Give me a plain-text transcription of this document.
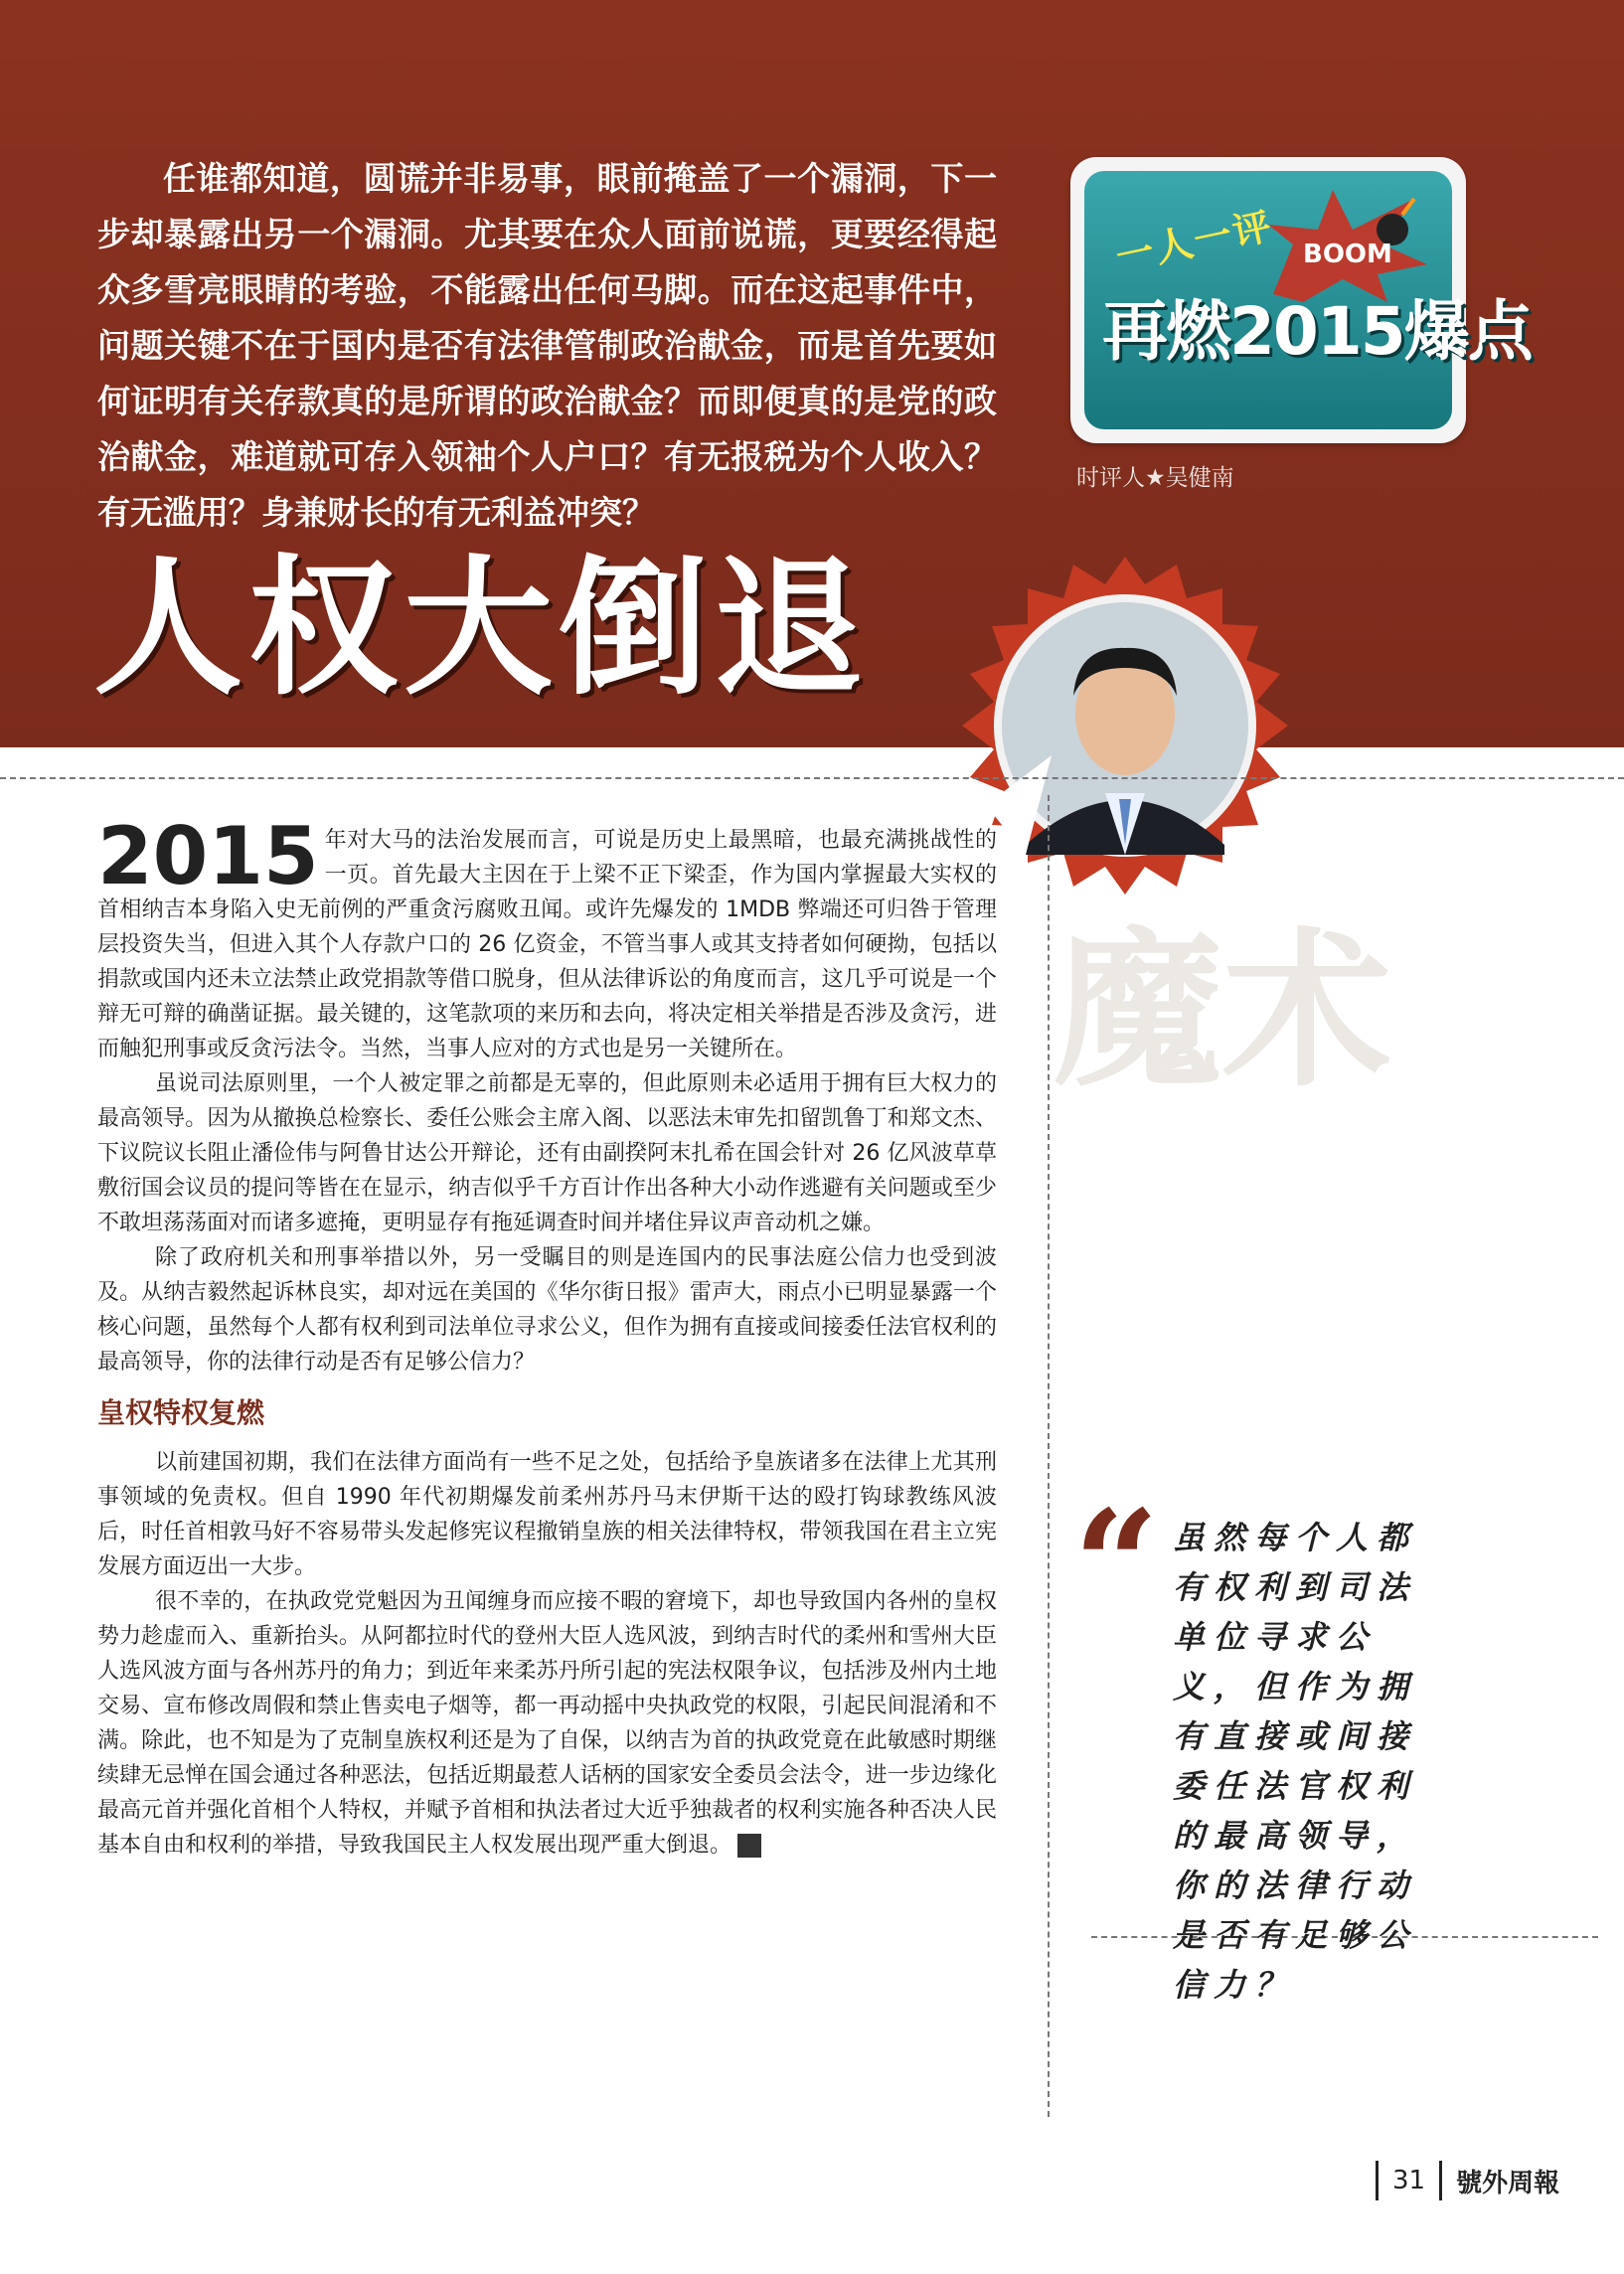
任谁都知道，圆谎并非易事，眼前掩盖了一个漏洞，下一步却暴露出另一个漏洞。尤其要在众人面前说谎，更要经得起众多雪亮眼睛的考验，不能露出任何马脚。而在这起事件中，问题关键不在于国内是否有法律管制政治献金，而是首先要如何证明有关存款真的是所谓的政治献金？而即便真的是党的政治献金，难道就可存入领袖个人户口？有无报税为个人收入？有无滥用？身兼财长的有无利益冲突？

BOOM
一人一评
再燃2015爆点
时评人★吴健南
人权大倒退
魔术

2015 年对大马的法治发展而言，可说是历史上最黑暗，也最充满挑战性的一页。首先最大主因在于上梁不正下梁歪，作为国内掌握最大实权的首相纳吉本身陷入史无前例的严重贪污腐败丑闻。或许先爆发的 1MDB 弊端还可归咎于管理层投资失当，但进入其个人存款户口的 26 亿资金，不管当事人或其支持者如何硬拗，包括以捐款或国内还未立法禁止政党捐款等借口脱身，但从法律诉讼的角度而言，这几乎可说是一个辩无可辩的确凿证据。最关键的，这笔款项的来历和去向，将决定相关举措是否涉及贪污，进而触犯刑事或反贪污法令。当然，当事人应对的方式也是另一关键所在。

虽说司法原则里，一个人被定罪之前都是无辜的，但此原则未必适用于拥有巨大权力的最高领导。因为从撤换总检察长、委任公账会主席入阁、以恶法未审先扣留凯鲁丁和郑文杰、下议院议长阻止潘俭伟与阿鲁甘达公开辩论，还有由副揆阿末扎希在国会针对 26 亿风波草草敷衍国会议员的提问等皆在在显示，纳吉似乎千方百计作出各种大小动作逃避有关问题或至少不敢坦荡荡面对而诸多遮掩，更明显存有拖延调查时间并堵住异议声音动机之嫌。

除了政府机关和刑事举措以外，另一受瞩目的则是连国内的民事法庭公信力也受到波及。从纳吉毅然起诉林良实，却对远在美国的《华尔街日报》雷声大，雨点小已明显暴露一个核心问题，虽然每个人都有权利到司法单位寻求公义，但作为拥有直接或间接委任法官权利的最高领导，你的法律行动是否有足够公信力？

皇权特权复燃

以前建国初期，我们在法律方面尚有一些不足之处，包括给予皇族诸多在法律上尤其刑事领域的免责权。但自 1990 年代初期爆发前柔州苏丹马末伊斯干达的殴打钩球教练风波后，时任首相敦马好不容易带头发起修宪议程撤销皇族的相关法律特权，带领我国在君主立宪发展方面迈出一大步。

很不幸的，在执政党党魁因为丑闻缠身而应接不暇的窘境下，却也导致国内各州的皇权势力趁虚而入、重新抬头。从阿都拉时代的登州大臣人选风波，到纳吉时代的柔州和雪州大臣人选风波方面与各州苏丹的角力；到近年来柔苏丹所引起的宪法权限争议，包括涉及州内土地交易、宣布修改周假和禁止售卖电子烟等，都一再动摇中央执政党的权限，引起民间混淆和不满。除此，也不知是为了克制皇族权利还是为了自保，以纳吉为首的执政党竟在此敏感时期继续肆无忌惮在国会通过各种恶法，包括近期最惹人话柄的国家安全委员会法令，进一步边缘化最高元首并强化首相个人特权，并赋予首相和执法者过大近乎独裁者的权利实施各种否决人民基本自由和权利的举措，导致我国民主人权发展出现严重大倒退。	郑

“ 虽然每个人都有权利到司法单位寻求公义，但作为拥有直接或间接委任法官权利的最高领导，你的法律行动是否有足够公信力？

31 號外周報
